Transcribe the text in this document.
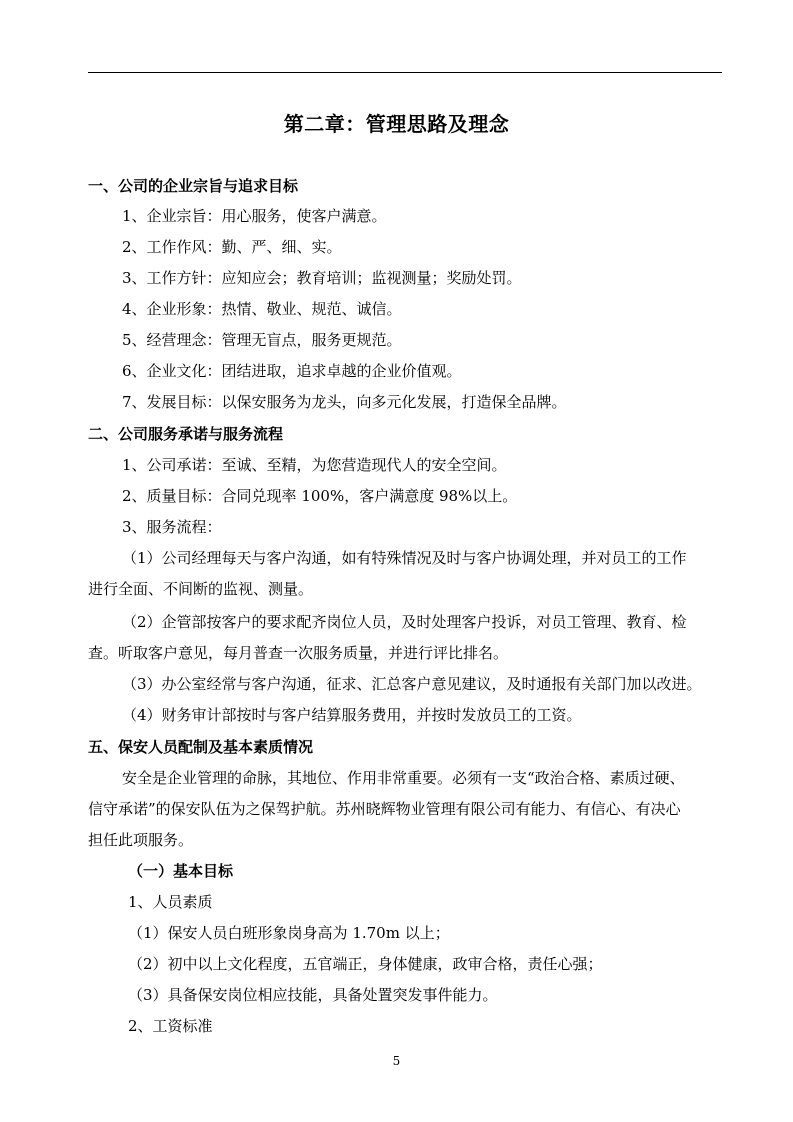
第二章：管理思路及理念
一、公司的企业宗旨与追求目标
1、企业宗旨：用心服务，使客户满意。
2、工作作风：勤、严、细、实。
3、工作方针：应知应会；教育培训；监视测量；奖励处罚。
4、企业形象：热情、敬业、规范、诚信。
5、经营理念：管理无盲点，服务更规范。
6、企业文化：团结进取，追求卓越的企业价值观。
7、发展目标：以保安服务为龙头，向多元化发展，打造保全品牌。
二、公司服务承诺与服务流程
1、公司承诺：至诚、至精，为您营造现代人的安全空间。
2、质量目标：合同兑现率 100%，客户满意度 98%以上。
3、服务流程：
（1）公司经理每天与客户沟通，如有特殊情况及时与客户协调处理，并对员工的工作
进行全面、不间断的监视、测量。
（2）企管部按客户的要求配齐岗位人员，及时处理客户投诉，对员工管理、教育、检
查。听取客户意见，每月普查一次服务质量，并进行评比排名。
（3）办公室经常与客户沟通，征求、汇总客户意见建议，及时通报有关部门加以改进。
（4）财务审计部按时与客户结算服务费用，并按时发放员工的工资。
五、保安人员配制及基本素质情况
安全是企业管理的命脉，其地位、作用非常重要。必须有一支“政治合格、素质过硬、
信守承诺”的保安队伍为之保驾护航。苏州晓辉物业管理有限公司有能力、有信心、有决心
担任此项服务。
（一）基本目标
1、人员素质
（1）保安人员白班形象岗身高为 1.70m 以上；
（2）初中以上文化程度，五官端正，身体健康，政审合格，责任心强；
（3）具备保安岗位相应技能，具备处置突发事件能力。
2、工资标准
5
